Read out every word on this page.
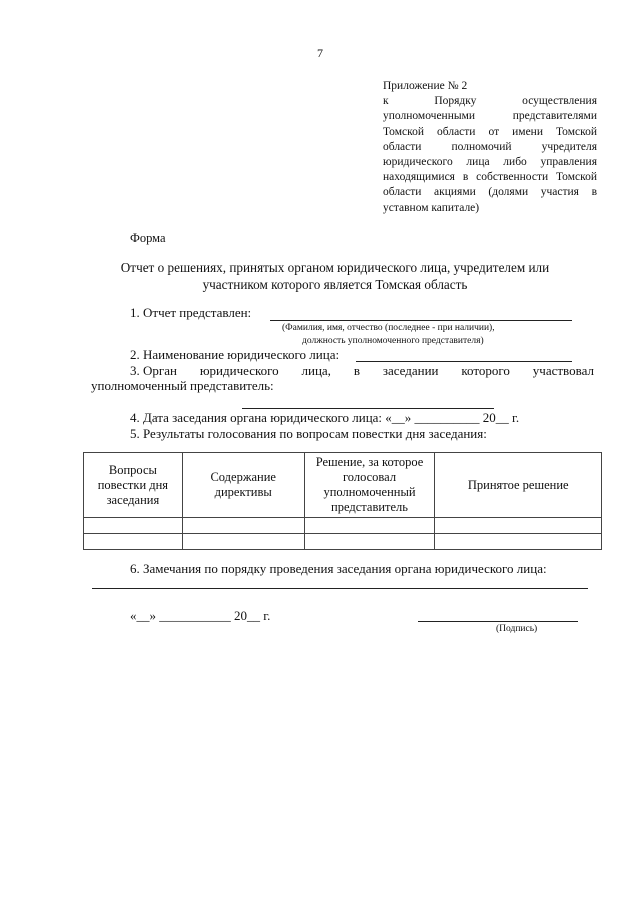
7
Приложение № 2
к Порядку осуществления уполномоченными представителями Томской области от имени Томской области полномочий учредителя юридического лица либо управления находящимися в собственности Томской области акциями (долями участия в уставном капитале)
Форма
Отчет о решениях, принятых органом юридического лица, учредителем или участником которого является Томская область
1. Отчет представлен:
(Фамилия, имя, отчество (последнее - при наличии),
должность уполномоченного представителя)
2. Наименование юридического лица:
3. Орган юридического лица, в заседании которого участвовал
уполномоченный представитель:
4. Дата заседания органа юридического лица: «__» __________ 20__ г.
5. Результаты голосования по вопросам повестки дня заседания:
Вопросы повестки дня заседания	Содержание директивы	Решение, за которое голосовал уполномоченный представитель	Принятое решение

6. Замечания по порядку проведения заседания органа юридического лица:
«__» ___________ 20__ г.
(Подпись)
